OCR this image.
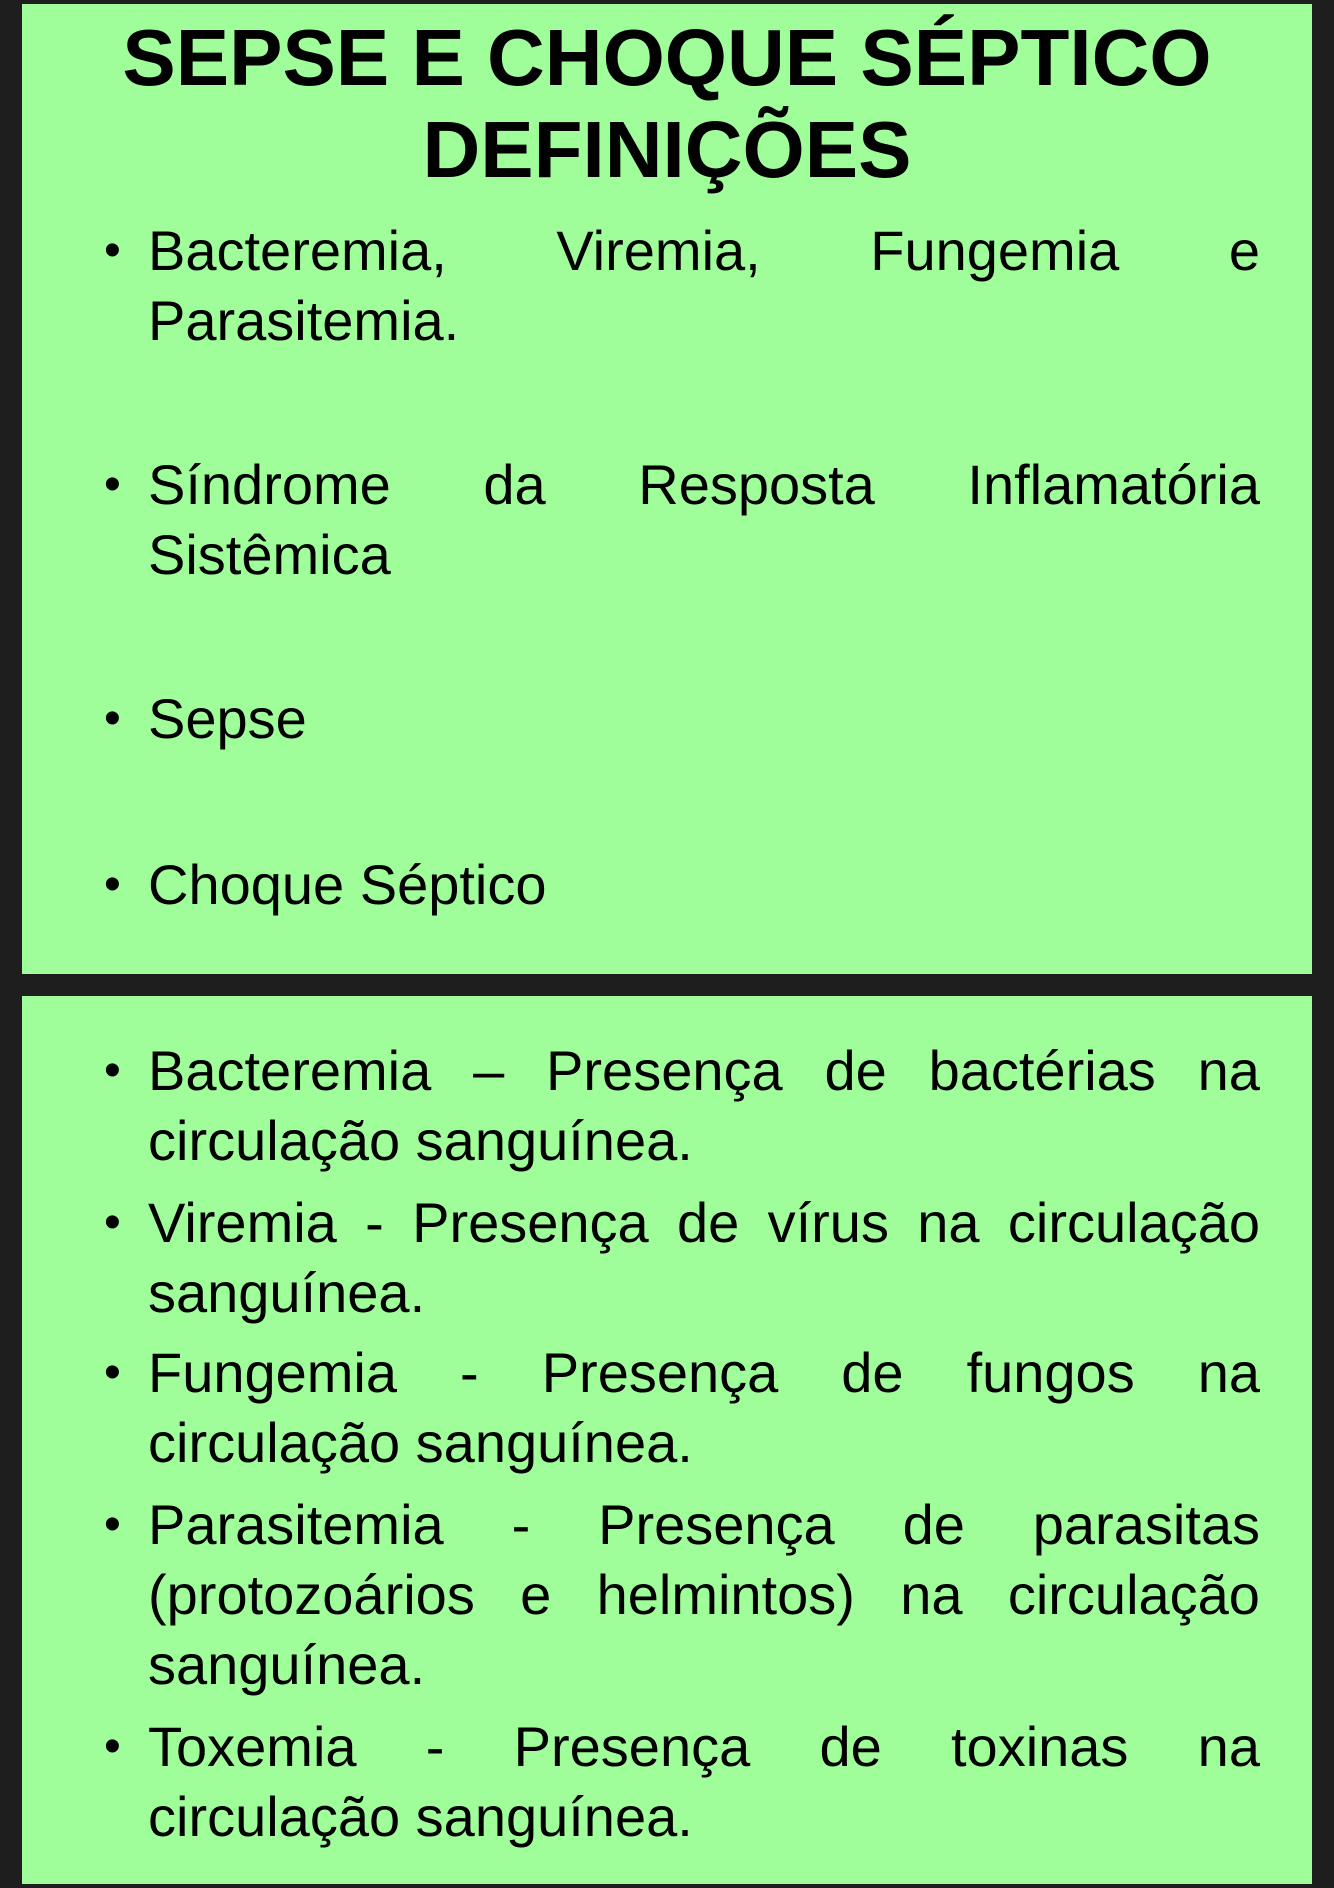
SEPSE E CHOQUE SÉPTICO
DEFINIÇÕES
• Bacteremia, Viremia, Fungemia e
Parasitemia.
• Síndrome da Resposta Inflamatória
Sistêmica
• Sepse
• Choque Séptico
• Bacteremia – Presença de bactérias na
circulação sanguínea.
• Viremia - Presença de vírus na circulação
sanguínea.
• Fungemia - Presença de fungos na
circulação sanguínea.
• Parasitemia - Presença de parasitas
(protozoários e helmintos) na circulação
sanguínea.
• Toxemia - Presença de toxinas na
circulação sanguínea.
